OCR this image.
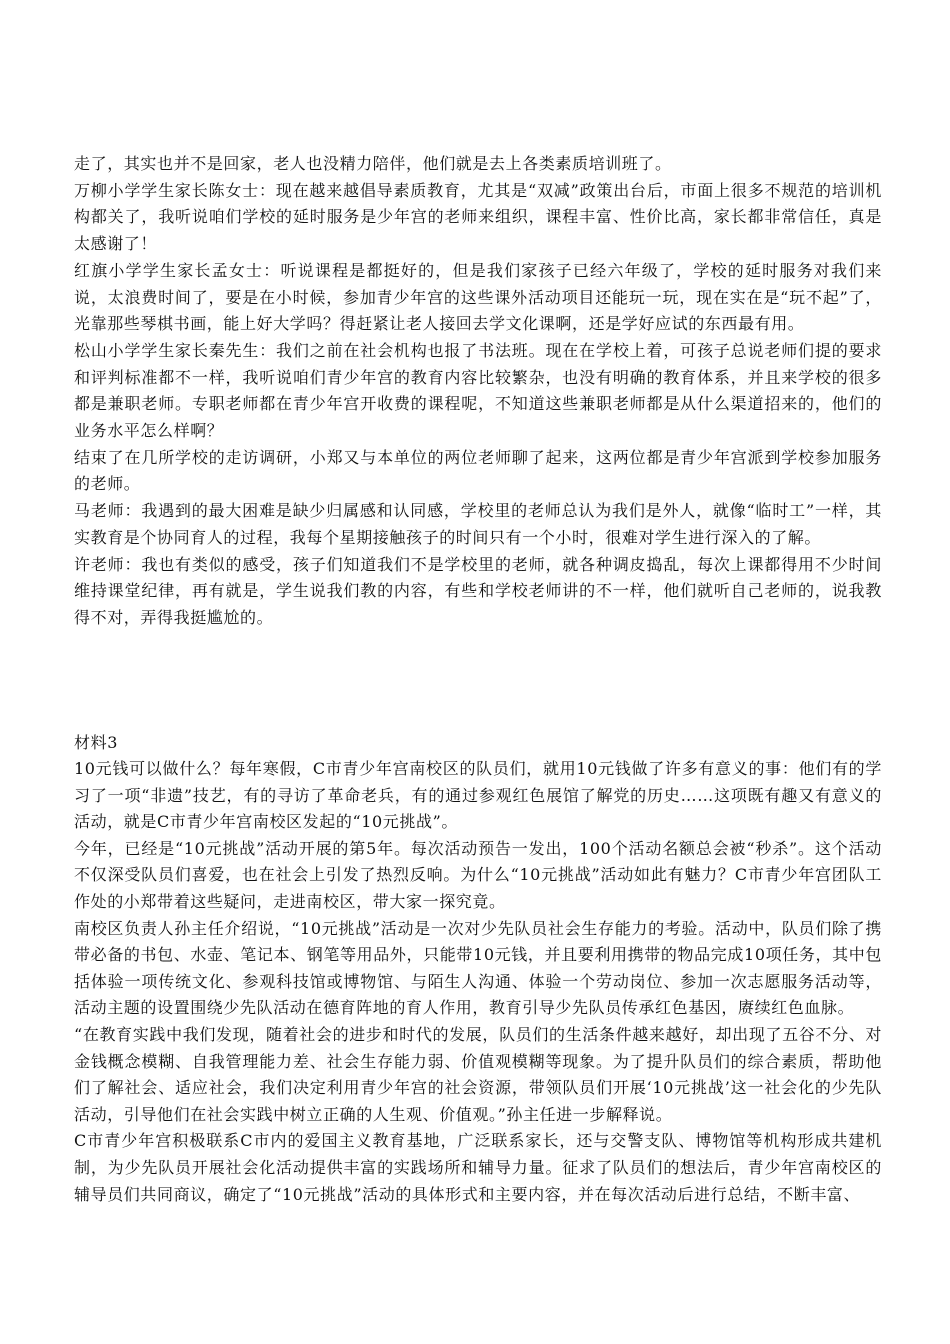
走了，其实也并不是回家，老人也没精力陪伴，他们就是去上各类素质培训班了。

万柳小学学生家长陈女士：现在越来越倡导素质教育，尤其是“双减”政策出台后，市面上很多不规范的培训机构都关了，我听说咱们学校的延时服务是少年宫的老师来组织，课程丰富、性价比高，家长都非常信任，真是太感谢了！

红旗小学学生家长孟女士：听说课程是都挺好的，但是我们家孩子已经六年级了，学校的延时服务对我们来说，太浪费时间了，要是在小时候，参加青少年宫的这些课外活动项目还能玩一玩，现在实在是“玩不起”了，光靠那些琴棋书画，能上好大学吗？得赶紧让老人接回去学文化课啊，还是学好应试的东西最有用。

松山小学学生家长秦先生：我们之前在社会机构也报了书法班。现在在学校上着，可孩子总说老师们提的要求和评判标准都不一样，我听说咱们青少年宫的教育内容比较繁杂，也没有明确的教育体系，并且来学校的很多都是兼职老师。专职老师都在青少年宫开收费的课程呢，不知道这些兼职老师都是从什么渠道招来的，他们的业务水平怎么样啊？

结束了在几所学校的走访调研，小郑又与本单位的两位老师聊了起来，这两位都是青少年宫派到学校参加服务的老师。

马老师：我遇到的最大困难是缺少归属感和认同感，学校里的老师总认为我们是外人，就像“临时工”一样，其实教育是个协同育人的过程，我每个星期接触孩子的时间只有一个小时，很难对学生进行深入的了解。

许老师：我也有类似的感受，孩子们知道我们不是学校里的老师，就各种调皮捣乱，每次上课都得用不少时间维持课堂纪律，再有就是，学生说我们教的内容，有些和学校老师讲的不一样，他们就听自己老师的，说我教得不对，弄得我挺尴尬的。

材料3

10元钱可以做什么？每年寒假，C市青少年宫南校区的队员们，就用10元钱做了许多有意义的事：他们有的学习了一项“非遗”技艺，有的寻访了革命老兵，有的通过参观红色展馆了解党的历史……这项既有趣又有意义的活动，就是C市青少年宫南校区发起的“10元挑战”。

今年，已经是“10元挑战”活动开展的第5年。每次活动预告一发出，100个活动名额总会被“秒杀”。这个活动不仅深受队员们喜爱，也在社会上引发了热烈反响。为什么“10元挑战”活动如此有魅力？C市青少年宫团队工作处的小郑带着这些疑问，走进南校区，带大家一探究竟。

南校区负责人孙主任介绍说，“10元挑战”活动是一次对少先队员社会生存能力的考验。活动中，队员们除了携带必备的书包、水壶、笔记本、钢笔等用品外，只能带10元钱，并且要利用携带的物品完成10项任务，其中包括体验一项传统文化、参观科技馆或博物馆、与陌生人沟通、体验一个劳动岗位、参加一次志愿服务活动等，活动主题的设置围绕少先队活动在德育阵地的育人作用，教育引导少先队员传承红色基因，赓续红色血脉。

“在教育实践中我们发现，随着社会的进步和时代的发展，队员们的生活条件越来越好，却出现了五谷不分、对金钱概念模糊、自我管理能力差、社会生存能力弱、价值观模糊等现象。为了提升队员们的综合素质，帮助他们了解社会、适应社会，我们决定利用青少年宫的社会资源，带领队员们开展‘10元挑战’这一社会化的少先队活动，引导他们在社会实践中树立正确的人生观、价值观。”孙主任进一步解释说。

C市青少年宫积极联系C市内的爱国主义教育基地，广泛联系家长，还与交警支队、博物馆等机构形成共建机制，为少先队员开展社会化活动提供丰富的实践场所和辅导力量。征求了队员们的想法后，青少年宫南校区的辅导员们共同商议，确定了“10元挑战”活动的具体形式和主要内容，并在每次活动后进行总结，不断丰富、
